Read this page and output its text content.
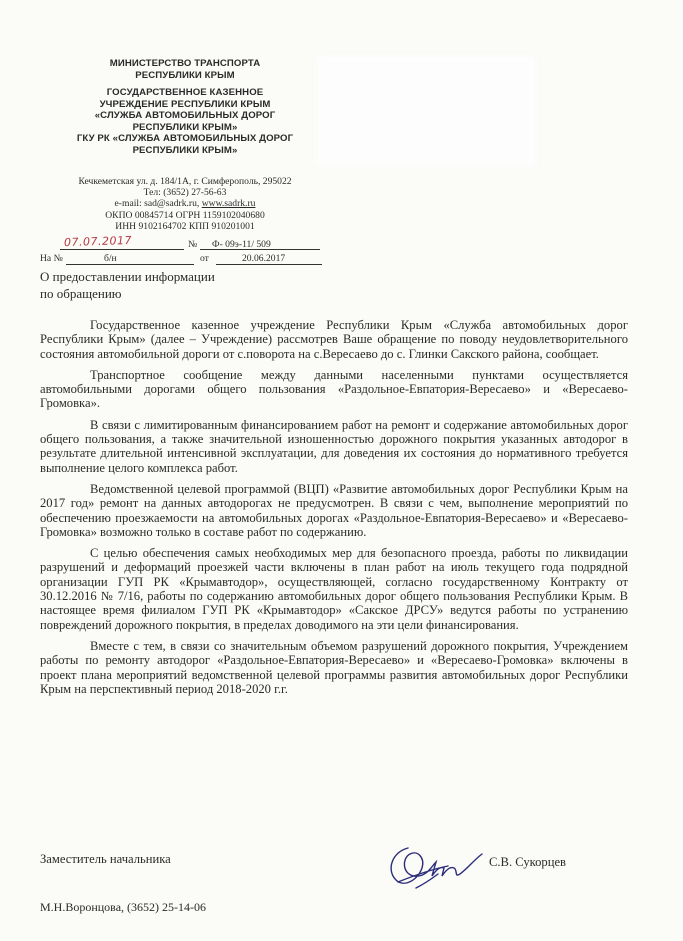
МИНИСТЕРСТВО ТРАНСПОРТА
РЕСПУБЛИКИ КРЫМ
ГОСУДАРСТВЕННОЕ КАЗЕННОЕ
УЧРЕЖДЕНИЕ РЕСПУБЛИКИ КРЫМ
«СЛУЖБА АВТОМОБИЛЬНЫХ ДОРОГ
РЕСПУБЛИКИ КРЫМ»
ГКУ РК «СЛУЖБА АВТОМОБИЛЬНЫХ ДОРОГ
РЕСПУБЛИКИ КРЫМ»
Кечкеметская ул. д. 184/1А, г. Симферополь, 295022
Тел: (3652) 27-56-63
e-mail: sad@sadrk.ru, www.sadrk.ru
ОКПО 00845714 ОГРН 1159102040680
ИНН 9102164702 КПП 910201001
07.07.2017	№ Ф- 09э-11/ 509
На №	б/н	от	20.06.2017
О предоставлении информации
по обращению

Государственное казенное учреждение Республики Крым «Служба автомобильных дорог Республики Крым» (далее – Учреждение) рассмотрев Ваше обращение по поводу неудовлетворительного состояния автомобильной дороги от с.поворота на с.Вересаево до с. Глинки Сакского района, сообщает.

Транспортное сообщение между данными населенными пунктами осуществляется автомобильными дорогами общего пользования «Раздольное-Евпатория-Вересаево» и «Вересаево-Громовка».

В связи с лимитированным финансированием работ на ремонт и содержание автомобильных дорог общего пользования, а также значительной изношенностью дорожного покрытия указанных автодорог в результате длительной интенсивной эксплуатации, для доведения их состояния до нормативного требуется выполнение целого комплекса работ.

Ведомственной целевой программой (ВЦП) «Развитие автомобильных дорог Республики Крым на 2017 год» ремонт на данных автодорогах не предусмотрен. В связи с чем, выполнение мероприятий по обеспечению проезжаемости на автомобильных дорогах «Раздольное-Евпатория-Вересаево» и «Вересаево-Громовка» возможно только в составе работ по содержанию.

С целью обеспечения самых необходимых мер для безопасного проезда, работы по ликвидации разрушений и деформаций проезжей части включены в план работ на июль текущего года подрядной организации ГУП РК «Крымавтодор», осуществляющей, согласно государственному Контракту от 30.12.2016 № 7/16, работы по содержанию автомобильных дорог общего пользования Республики Крым. В настоящее время филиалом ГУП РК «Крымавтодор» «Сакское ДРСУ» ведутся работы по устранению повреждений дорожного покрытия, в пределах доводимого на эти цели финансирования.

Вместе с тем, в связи со значительным объемом разрушений дорожного покрытия, Учреждением работы по ремонту автодорог «Раздольное-Евпатория-Вересаево» и «Вересаево-Громовка» включены в проект плана мероприятий ведомственной целевой программы развития автомобильных дорог Республики Крым на перспективный период 2018-2020 г.г.

Заместитель начальника	С.В. Сукорцев
М.Н.Воронцова, (3652) 25-14-06
